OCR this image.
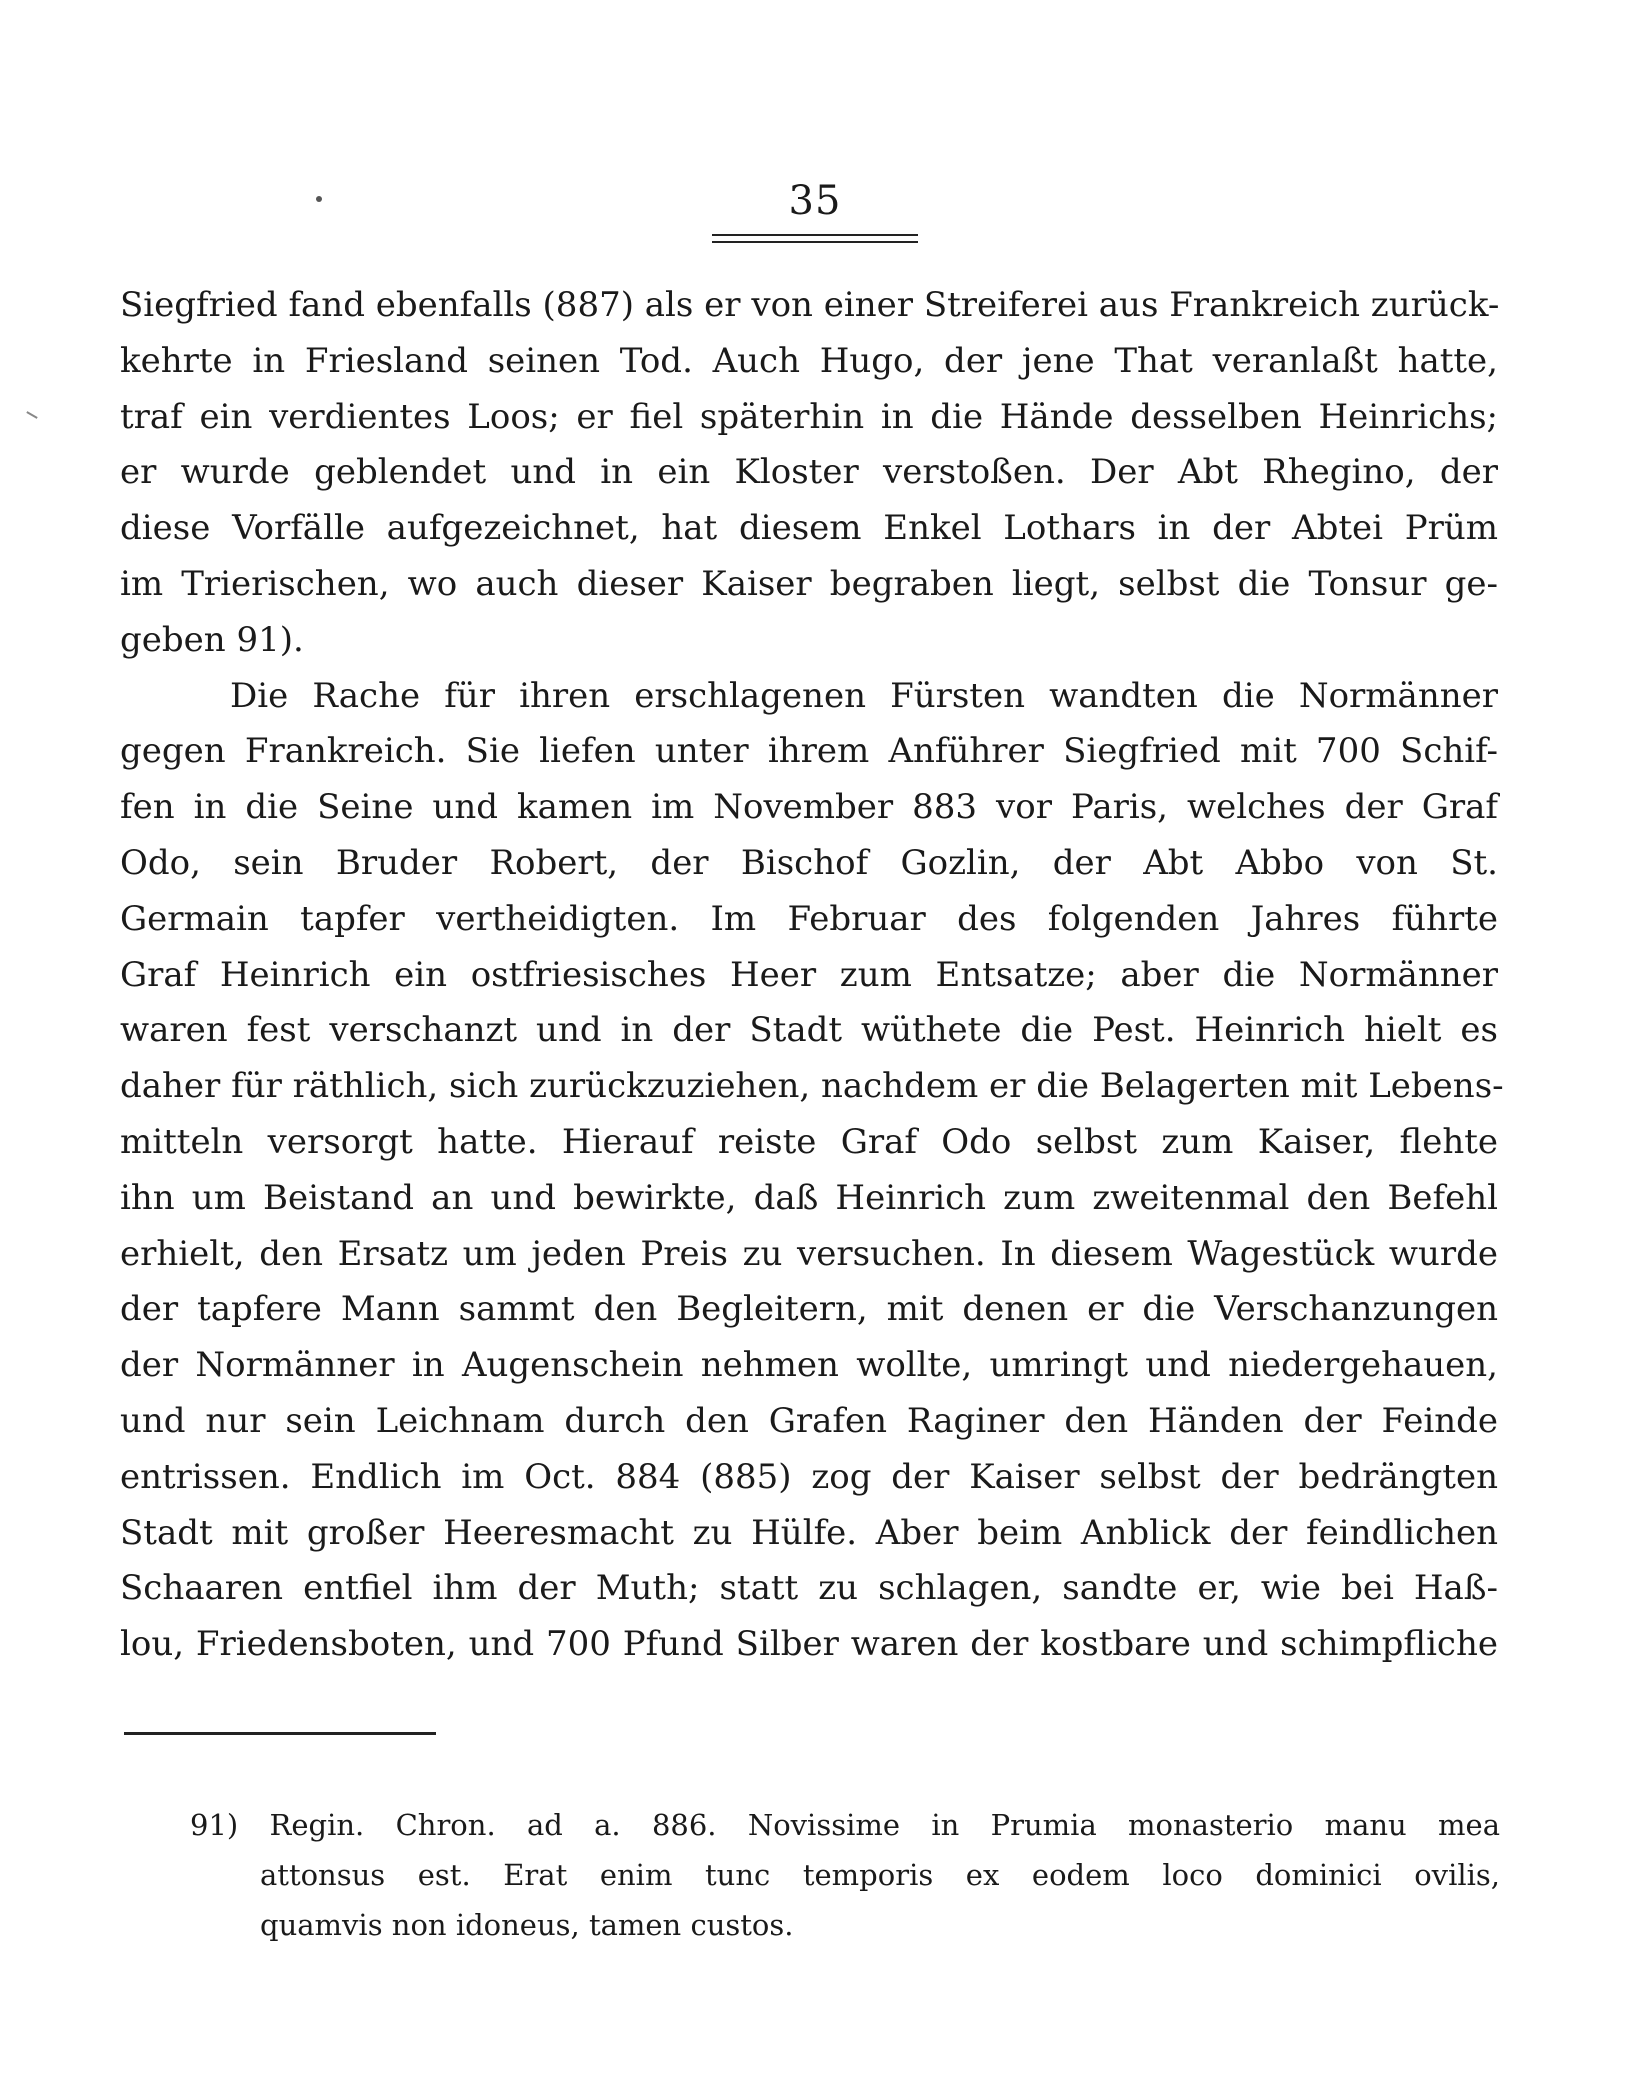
35
Siegfried fand ebenfalls (887) als er von einer Streiferei aus Frankreich zurück-
kehrte in Friesland seinen Tod. Auch Hugo, der jene That veranlaßt hatte,
traf ein verdientes Loos; er fiel späterhin in die Hände desselben Heinrichs;
er wurde geblendet und in ein Kloster verstoßen. Der Abt Rhegino, der
diese Vorfälle aufgezeichnet, hat diesem Enkel Lothars in der Abtei Prüm
im Trierischen, wo auch dieser Kaiser begraben liegt, selbst die Tonsur ge-
geben 91).
Die Rache für ihren erschlagenen Fürsten wandten die Normänner
gegen Frankreich. Sie liefen unter ihrem Anführer Siegfried mit 700 Schif-
fen in die Seine und kamen im November 883 vor Paris, welches der Graf
Odo, sein Bruder Robert, der Bischof Gozlin, der Abt Abbo von St.
Germain tapfer vertheidigten. Im Februar des folgenden Jahres führte
Graf Heinrich ein ostfriesisches Heer zum Entsatze; aber die Normänner
waren fest verschanzt und in der Stadt wüthete die Pest. Heinrich hielt es
daher für räthlich, sich zurückzuziehen, nachdem er die Belagerten mit Lebens-
mitteln versorgt hatte. Hierauf reiste Graf Odo selbst zum Kaiser, flehte
ihn um Beistand an und bewirkte, daß Heinrich zum zweitenmal den Befehl
erhielt, den Ersatz um jeden Preis zu versuchen. In diesem Wagestück wurde
der tapfere Mann sammt den Begleitern, mit denen er die Verschanzungen
der Normänner in Augenschein nehmen wollte, umringt und niedergehauen,
und nur sein Leichnam durch den Grafen Raginer den Händen der Feinde
entrissen. Endlich im Oct. 884 (885) zog der Kaiser selbst der bedrängten
Stadt mit großer Heeresmacht zu Hülfe. Aber beim Anblick der feindlichen
Schaaren entfiel ihm der Muth; statt zu schlagen, sandte er, wie bei Haß-
lou, Friedensboten, und 700 Pfund Silber waren der kostbare und schimpfliche
91) Regin. Chron. ad a. 886. Novissime in Prumia monasterio manu mea
attonsus est. Erat enim tunc temporis ex eodem loco dominici ovilis,
quamvis non idoneus, tamen custos.
